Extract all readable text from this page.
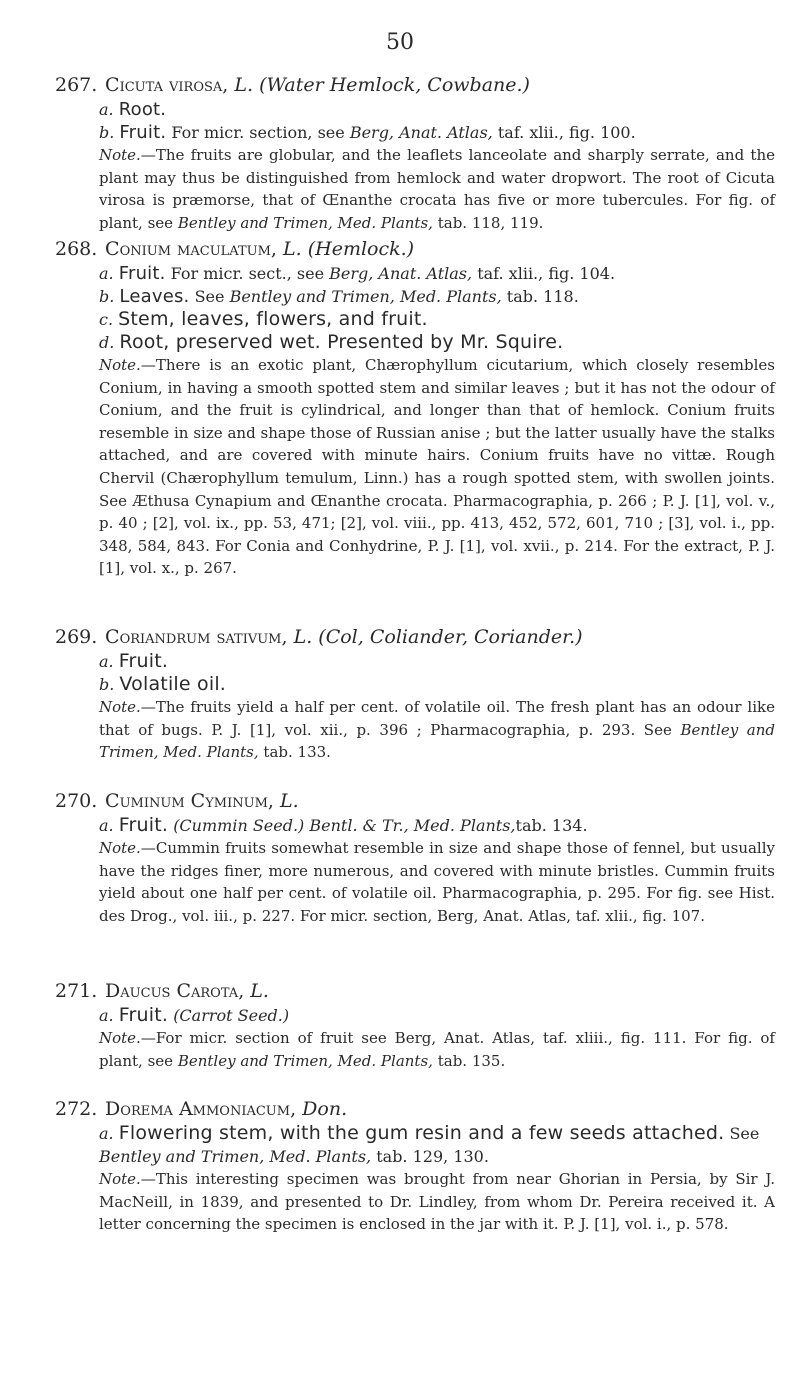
50

267. Cicuta virosa, L. (Water Hemlock, Cowbane.)

a. Root.

b. Fruit. For micr. section, see Berg, Anat. Atlas, taf. xlii., fig. 100.

Note.—The fruits are globular, and the leaflets lanceolate and sharply serrate, and the plant may thus be distinguished from hemlock and water dropwort. The root of Cicuta virosa is præmorse, that of Œnanthe crocata has five or more tubercules. For fig. of plant, see Bentley and Trimen, Med. Plants, tab. 118, 119.

268. Conium maculatum, L. (Hemlock.)

a. Fruit. For micr. sect., see Berg, Anat. Atlas, taf. xlii., fig. 104.

b. Leaves. See Bentley and Trimen, Med. Plants, tab. 118.

c. Stem, leaves, flowers, and fruit.

d. Root, preserved wet. Presented by Mr. Squire.

Note.—There is an exotic plant, Chærophyllum cicutarium, which closely resembles Conium, in having a smooth spotted stem and similar leaves ; but it has not the odour of Conium, and the fruit is cylindrical, and longer than that of hemlock. Conium fruits resemble in size and shape those of Russian anise ; but the latter usually have the stalks attached, and are covered with minute hairs. Conium fruits have no vittæ. Rough Chervil (Chærophyllum temulum, Linn.) has a rough spotted stem, with swollen joints. See Æthusa Cynapium and Œnanthe crocata. Pharmacographia, p. 266 ; P. J. [1], vol. v., p. 40 ; [2], vol. ix., pp. 53, 471; [2], vol. viii., pp. 413, 452, 572, 601, 710 ; [3], vol. i., pp. 348, 584, 843. For Conia and Conhydrine, P. J. [1], vol. xvii., p. 214. For the extract, P. J. [1], vol. x., p. 267.

269. Coriandrum sativum, L. (Col, Coliander, Coriander.)

a. Fruit.

b. Volatile oil.

Note.—The fruits yield a half per cent. of volatile oil. The fresh plant has an odour like that of bugs. P. J. [1], vol. xii., p. 396 ; Pharmacographia, p. 293. See Bentley and Trimen, Med. Plants, tab. 133.

270. Cuminum Cyminum, L.

a. Fruit. (Cummin Seed.) Bentl. & Tr., Med. Plants,tab. 134.

Note.—Cummin fruits somewhat resemble in size and shape those of fennel, but usually have the ridges finer, more numerous, and covered with minute bristles. Cummin fruits yield about one half per cent. of volatile oil. Pharmacographia, p. 295. For fig. see Hist. des Drog., vol. iii., p. 227. For micr. section, Berg, Anat. Atlas, taf. xlii., fig. 107.

271. Daucus Carota, L.

a. Fruit. (Carrot Seed.)

Note.—For micr. section of fruit see Berg, Anat. Atlas, taf. xliii., fig. 111. For fig. of plant, see Bentley and Trimen, Med. Plants, tab. 135.

272. Dorema Ammoniacum, Don.

a. Flowering stem, with the gum resin and a few seeds attached. See Bentley and Trimen, Med. Plants, tab. 129, 130.

Note.—This interesting specimen was brought from near Ghorian in Persia, by Sir J. MacNeill, in 1839, and presented to Dr. Lindley, from whom Dr. Pereira received it. A letter concerning the specimen is enclosed in the jar with it. P. J. [1], vol. i., p. 578.
